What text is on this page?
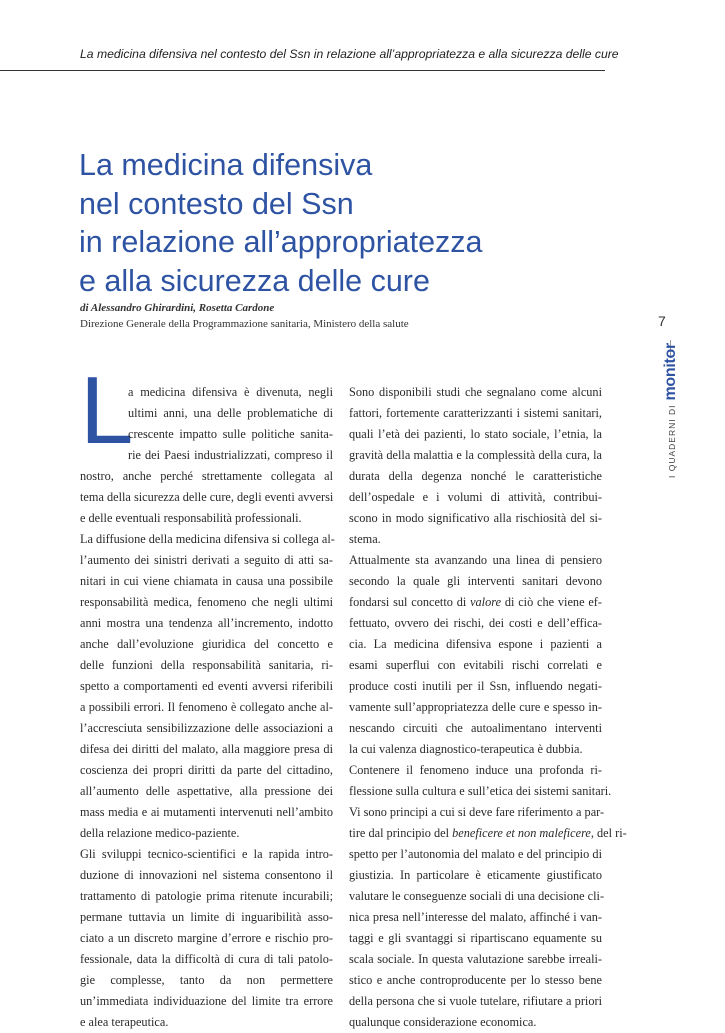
La medicina difensiva nel contesto del Ssn in relazione all’appropriatezza e alla sicurezza delle cure
La medicina difensiva
nel contesto del Ssn
in relazione all’appropriatezza
e alla sicurezza delle cure
di Alessandro Ghirardini, Rosetta Cardone
Direzione Generale della Programmazione sanitaria, Ministero della salute	7
I QUADERNI DI monitor
L
a medicina difensiva è divenuta, negli
ultimi anni, una delle problematiche di
crescente impatto sulle politiche sanita-
rie dei Paesi industrializzati, compreso il
nostro, anche perché strettamente collegata al
tema della sicurezza delle cure, degli eventi avversi
e delle eventuali responsabilità professionali.
La diffusione della medicina difensiva si collega al-
l’aumento dei sinistri derivati a seguito di atti sa-
nitari in cui viene chiamata in causa una possibile
responsabilità medica, fenomeno che negli ultimi
anni mostra una tendenza all’incremento, indotto
anche dall’evoluzione giuridica del concetto e
delle funzioni della responsabilità sanitaria, ri-
spetto a comportamenti ed eventi avversi riferibili
a possibili errori. Il fenomeno è collegato anche al-
l’accresciuta sensibilizzazione delle associazioni a
difesa dei diritti del malato, alla maggiore presa di
coscienza dei propri diritti da parte del cittadino,
all’aumento delle aspettative, alla pressione dei
mass media e ai mutamenti intervenuti nell’ambito
della relazione medico-paziente.
Gli sviluppi tecnico-scientifici e la rapida intro-
duzione di innovazioni nel sistema consentono il
trattamento di patologie prima ritenute incurabili;
permane tuttavia un limite di inguaribilità asso-
ciato a un discreto margine d’errore e rischio pro-
fessionale, data la difficoltà di cura di tali patolo-
gie complesse, tanto da non permettere
un’immediata individuazione del limite tra errore
e alea terapeutica.
Sono disponibili studi che segnalano come alcuni
fattori, fortemente caratterizzanti i sistemi sanitari,
quali l’età dei pazienti, lo stato sociale, l’etnia, la
gravità della malattia e la complessità della cura, la
durata della degenza nonché le caratteristiche
dell’ospedale e i volumi di attività, contribui-
scono in modo significativo alla rischiosità del si-
stema.
Attualmente sta avanzando una linea di pensiero
secondo la quale gli interventi sanitari devono
fondarsi sul concetto di valore di ciò che viene ef-
fettuato, ovvero dei rischi, dei costi e dell’effica-
cia. La medicina difensiva espone i pazienti a
esami superflui con evitabili rischi correlati e
produce costi inutili per il Ssn, influendo negati-
vamente sull’appropriatezza delle cure e spesso in-
nescando circuiti che autoalimentano interventi
la cui valenza diagnostico-terapeutica è dubbia.
Contenere il fenomeno induce una profonda ri-
flessione sulla cultura e sull’etica dei sistemi sanitari.
Vi sono principi a cui si deve fare riferimento a par-
tire dal principio del beneficere et non maleficere, del ri-
spetto per l’autonomia del malato e del principio di
giustizia. In particolare è eticamente giustificato
valutare le conseguenze sociali di una decisione cli-
nica presa nell’interesse del malato, affinché i van-
taggi e gli svantaggi si ripartiscano equamente su
scala sociale. In questa valutazione sarebbe irreali-
stico e anche controproducente per lo stesso bene
della persona che si vuole tutelare, rifiutare a priori
qualunque considerazione economica.
